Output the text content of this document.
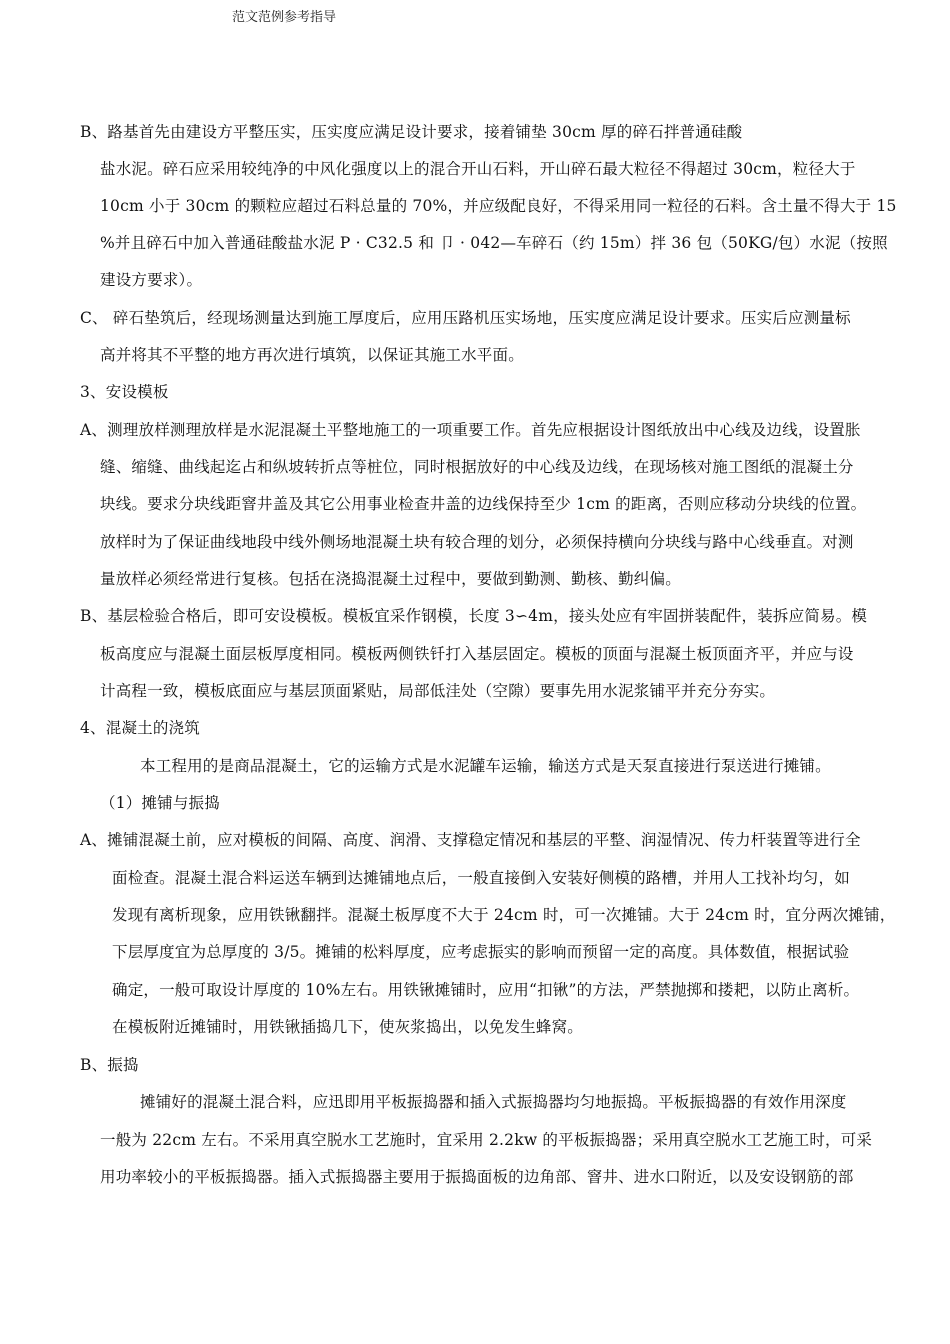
范文范例参考指导
B、路基首先由建设方平整压实，压实度应满足设计要求，接着铺垫 30cm 厚的碎石拌普通硅酸
盐水泥。碎石应采用较纯净的中风化强度以上的混合开山石料，开山碎石最大粒径不得超过 30cm，粒径大于
10cm 小于 30cm 的颗粒应超过石料总量的 70%，并应级配良好，不得采用同一粒径的石料。含土量不得大于 15
%并且碎石中加入普通硅酸盐水泥 P · C32.5 和 卩 · 042—车碎石（约 15m）拌 36 包（50KG/包）水泥（按照
建设方要求）。
C、 碎石垫筑后，经现场测量达到施工厚度后，应用压路机压实场地，压实度应满足设计要求。压实后应测量标
高并将其不平整的地方再次进行填筑，以保证其施工水平面。
3、安设模板
A、测理放样测理放样是水泥混凝土平整地施工的一项重要工作。首先应根据设计图纸放出中心线及边线，设置胀
缝、缩缝、曲线起迄占和纵坡转折点等桩位，同时根据放好的中心线及边线，在现场核对施工图纸的混凝土分
块线。要求分块线距窨井盖及其它公用事业检查井盖的边线保持至少 1cm 的距离，否则应移动分块线的位置。
放样时为了保证曲线地段中线外侧场地混凝土块有较合理的划分，必须保持横向分块线与路中心线垂直。对测
量放样必须经常进行复核。包括在浇捣混凝土过程中，要做到勤测、勤核、勤纠偏。
B、基层检验合格后，即可安设模板。模板宜采作钢模，长度 3∽4m，接头处应有牢固拼装配件，装拆应简易。模
板高度应与混凝土面层板厚度相同。模板两侧铁钎打入基层固定。模板的顶面与混凝土板顶面齐平，并应与设
计高程一致，模板底面应与基层顶面紧贴，局部低洼处（空隙）要事先用水泥浆铺平并充分夯实。
4、混凝土的浇筑
本工程用的是商品混凝土，它的运输方式是水泥罐车运输，输送方式是天泵直接进行泵送进行摊铺。
（1）摊铺与振捣
A、摊铺混凝土前，应对模板的间隔、高度、润滑、支撑稳定情况和基层的平整、润湿情况、传力杆装置等进行全
面检查。混凝土混合料运送车辆到达摊铺地点后，一般直接倒入安装好侧模的路槽，并用人工找补均匀，如
发现有离析现象，应用铁锹翻拌。混凝土板厚度不大于 24cm 时，可一次摊铺。大于 24cm 时，宜分两次摊铺，
下层厚度宜为总厚度的 3/5。摊铺的松料厚度，应考虑振实的影响而预留一定的高度。具体数值，根据试验
确定，一般可取设计厚度的 10%左右。用铁锹摊铺时，应用“扣锹”的方法，严禁抛掷和搂耙，以防止离析。
在模板附近摊铺时，用铁锹插捣几下，使灰浆捣出，以免发生蜂窝。
B、振捣
摊铺好的混凝土混合料，应迅即用平板振捣器和插入式振捣器均匀地振捣。平板振捣器的有效作用深度
一般为 22cm 左右。不采用真空脱水工艺施时，宜采用 2.2kw 的平板振捣器；采用真空脱水工艺施工时，可采
用功率较小的平板振捣器。插入式振捣器主要用于振捣面板的边角部、窨井、进水口附近，以及安设钢筋的部
